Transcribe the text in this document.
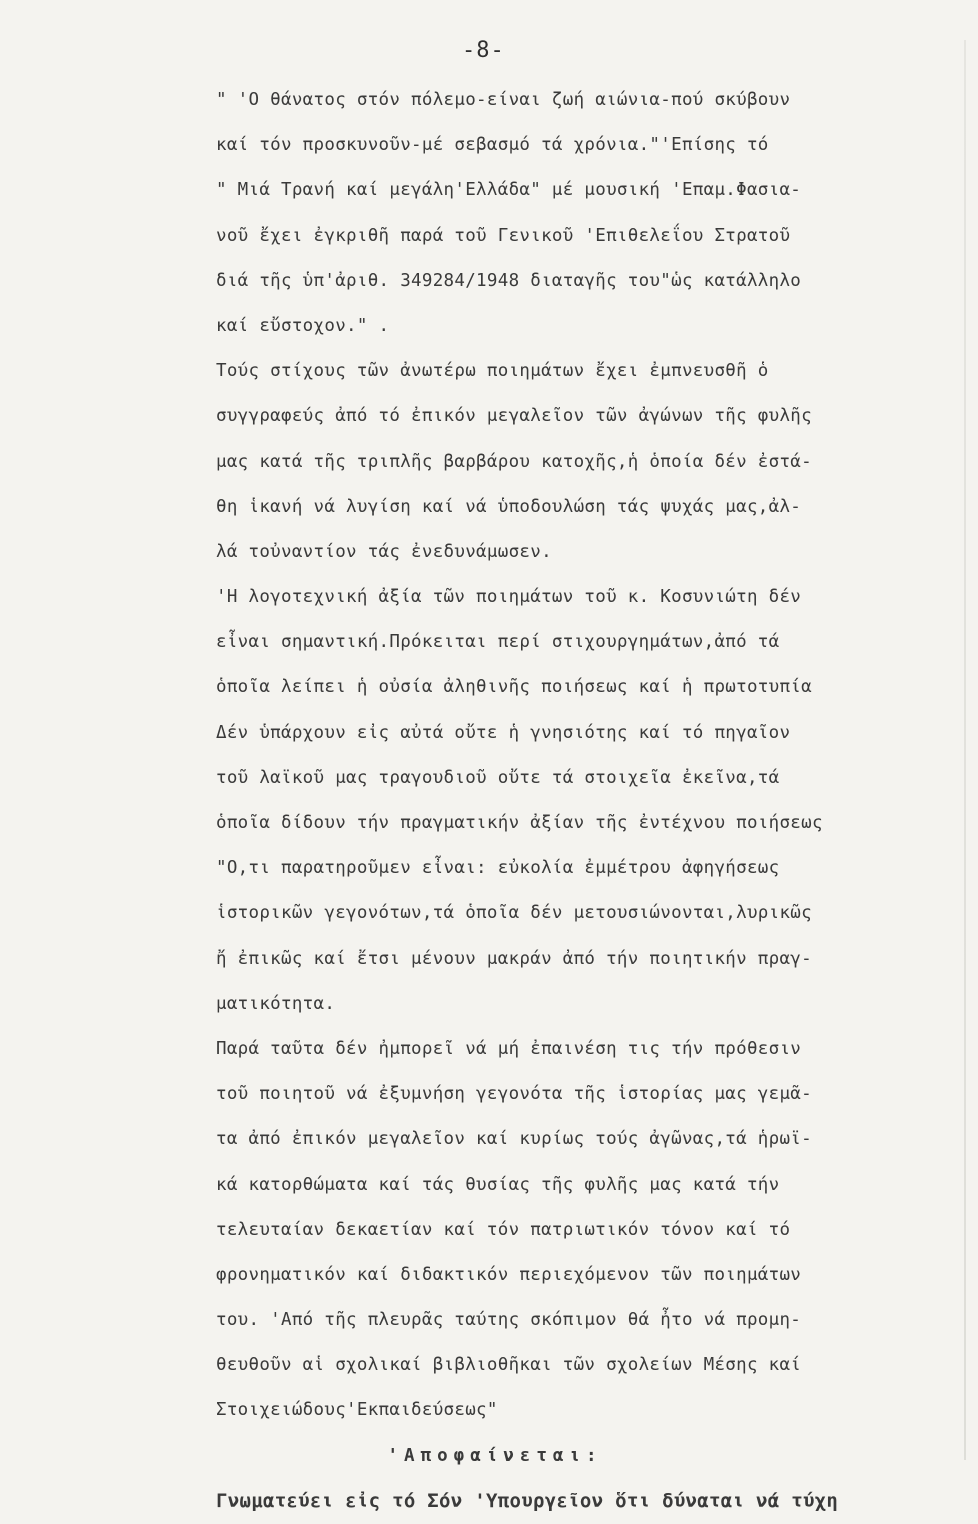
-8-
" 'Ο θάνατος στόν πόλεμο-είναι ζωή αιώνια-πού σκύβουν
καί τόν προσκυνοῦν-μέ σεβασμό τά χρόνια."'Επίσης τό
" Μιά Τρανή καί μεγάλη'Ελλάδα" μέ μουσική 'Επαμ.Φασια-
νοῦ ἔχει ἐγκριθῆ παρά τοῦ Γενικοῦ 'Επιθελεΐου Στρατοῦ
διά τῆς ὑπ'ἀριθ. 349284/1948 διαταγῆς του"ὡς κατάλληλο
καί εὔστοχον." .
Τούς στίχους τῶν ἀνωτέρω ποιημάτων ἔχει ἐμπνευσθῆ ὁ
συγγραφεύς ἀπό τό ἐπικόν μεγαλεῖον τῶν ἀγώνων τῆς φυλῆς
μας κατά τῆς τριπλῆς βαρβάρου κατοχῆς,ἡ ὁποία δέν ἐστά-
θη ἱκανή νά λυγίση καί νά ὑποδουλώση τάς ψυχάς μας,ἀλ-
λά τοὐναντίον τάς ἐνεδυνάμωσεν.
'Η λογοτεχνική ἀξία τῶν ποιημάτων τοῦ κ. Κοσυνιώτη δέν
εἶναι σημαντική.Πρόκειται περί στιχουργημάτων,ἀπό τά
ὁποῖα λείπει ἡ οὐσία ἀληθινῆς ποιήσεως καί ἡ πρωτοτυπία
Δέν ὑπάρχουν εἰς αὐτά οὔτε ἡ γνησιότης καί τό πηγαῖον
τοῦ λαϊκοῦ μας τραγουδιοῦ οὔτε τά στοιχεῖα ἐκεῖνα,τά
ὁποῖα δίδουν τήν πραγματικήν ἀξίαν τῆς ἐντέχνου ποιήσεως
"Ο,τι παρατηροῦμεν εἶναι: εὐκολία ἐμμέτρου ἀφηγήσεως
ἱστορικῶν γεγονότων,τά ὁποῖα δέν μετουσιώνονται,λυρικῶς
ἤ ἐπικῶς καί ἔτσι μένουν μακράν ἀπό τήν ποιητικήν πραγ-
ματικότητα.
Παρά ταῦτα δέν ἠμπορεῖ νά μή ἐπαινέση τις τήν πρόθεσιν
τοῦ ποιητοῦ νά ἐξυμνήση γεγονότα τῆς ἱστορίας μας γεμᾶ-
τα ἀπό ἐπικόν μεγαλεῖον καί κυρίως τούς ἀγῶνας,τά ἡρωϊ-
κά κατορθώματα καί τάς θυσίας τῆς φυλῆς μας κατά τήν
τελευταίαν δεκαετίαν καί τόν πατριωτικόν τόνον καί τό
φρονηματικόν καί διδακτικόν περιεχόμενον τῶν ποιημάτων
του. 'Από τῆς πλευρᾶς ταύτης σκόπιμον θά ἦτο νά προμη-
θευθοῦν αἱ σχολικαί βιβλιοθῆκαι τῶν σχολείων Μέσης καί
Στοιχειώδους'Εκπαιδεύσεως"
'Αποφαίνεται:
Γνωματεύει εἰς τό Σόν 'Υπουργεῖον ὅτι δύναται νά τύχη
